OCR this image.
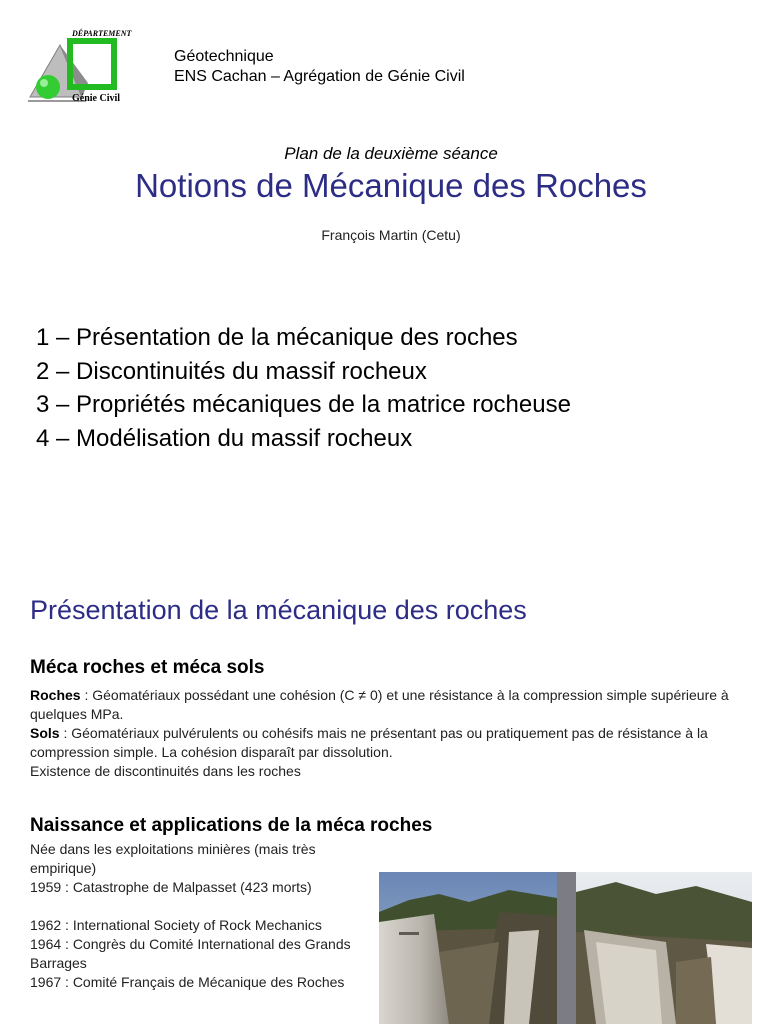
DÉPARTEMENT
Génie Civil
Géotechnique
ENS Cachan – Agrégation de Génie Civil
Plan de la deuxième séance
Notions de Mécanique des Roches
François Martin (Cetu)
1 – Présentation de la mécanique des roches
2 – Discontinuités du massif rocheux
3 – Propriétés mécaniques de la matrice rocheuse
4 – Modélisation du massif rocheux
Présentation de la mécanique des roches
Méca roches et méca sols
Roches : Géomatériaux possédant une cohésion (C ≠ 0) et une résistance à la compression simple supérieure à quelques MPa.
Sols : Géomatériaux pulvérulents ou cohésifs mais ne présentant pas ou pratiquement pas de résistance à la compression simple. La cohésion disparaît par dissolution.
Existence de discontinuités dans les roches
Naissance et applications de la méca roches
Née dans les exploitations minières (mais très empirique)
1959 : Catastrophe de Malpasset (423 morts)
1962 : International Society of Rock Mechanics
1964 : Congrès du Comité International des Grands Barrages
1967 : Comité Français de Mécanique des Roches
